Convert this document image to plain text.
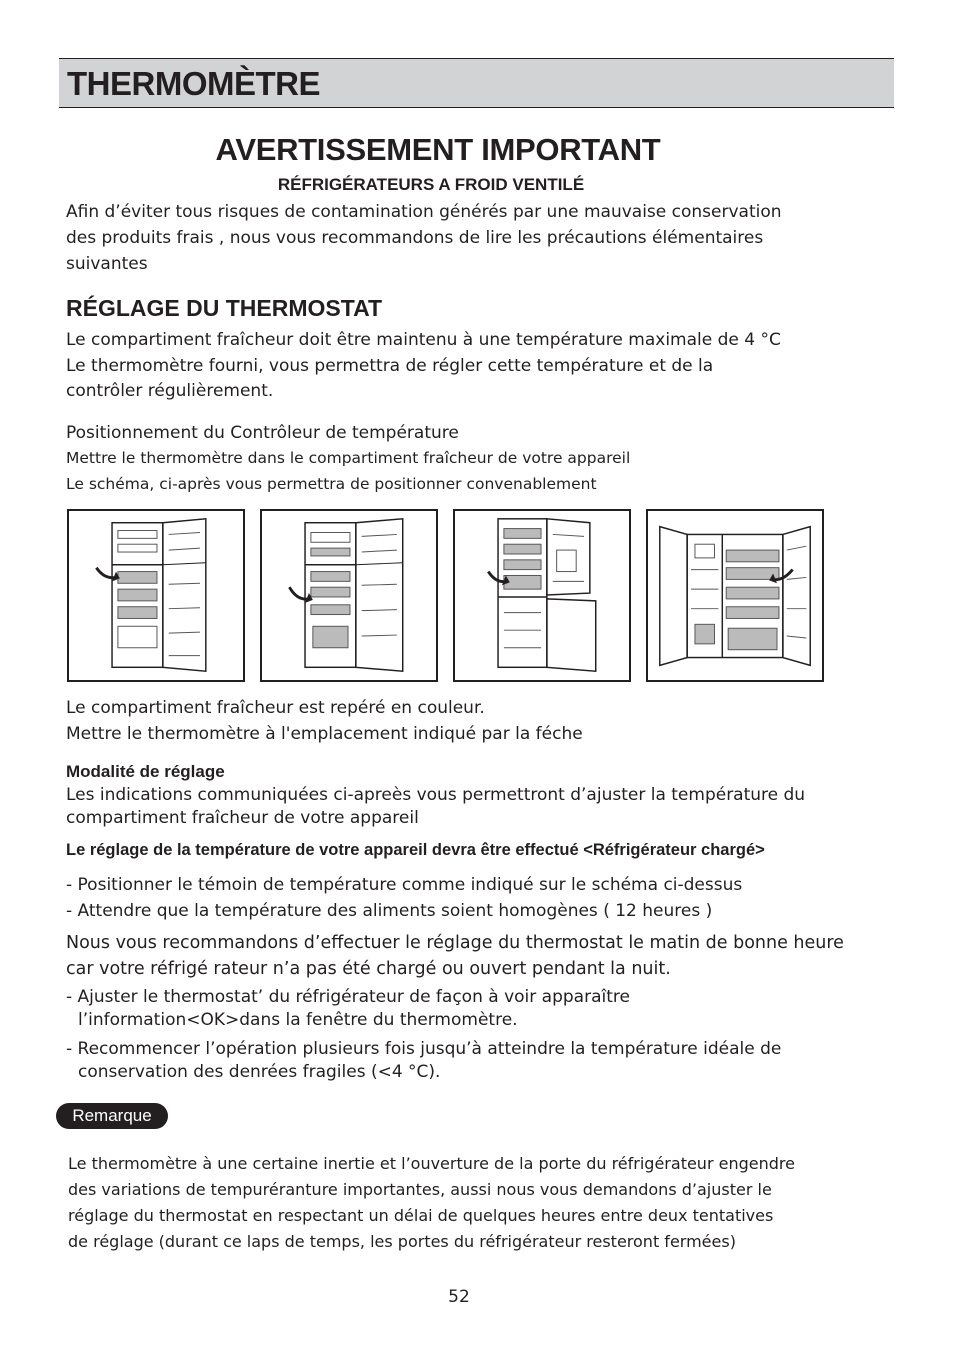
THERMOMÈTRE
AVERTISSEMENT IMPORTANT
RÉFRIGÉRATEURS A FROID VENTILÉ
Afin d’éviter tous risques de contamination générés par une mauvaise conservation
des produits frais , nous vous recommandons de lire les précautions élémentaires
suivantes
RÉGLAGE DU THERMOSTAT
Le compartiment fraîcheur doit être maintenu à une température maximale de 4 °C
Le thermomètre fourni, vous permettra de régler cette température et de la
contrôler régulièrement.
Positionnement du Contrôleur de température
Mettre le thermomètre dans le compartiment fraîcheur de votre appareil
Le schéma, ci-après vous permettra de positionner convenablement
Le compartiment fraîcheur est repéré en couleur.
Mettre le thermomètre à l'emplacement indiqué par la féche
Modalité de réglage
Les indications communiquées ci-apreès vous permettront d’ajuster la température du
compartiment fraîcheur de votre appareil
Le réglage de la température de votre appareil devra être effectué <Réfrigérateur chargé>
- Positionner le témoin de température comme indiqué sur le schéma ci-dessus
- Attendre que la température des aliments soient homogènes ( 12 heures )
Nous vous recommandons d’effectuer le réglage du thermostat le matin de bonne heure
car votre réfrigé rateur n’a pas été chargé ou ouvert pendant la nuit.
- Ajuster le thermostat’ du réfrigérateur de façon à voir apparaître
l’information<OK>dans la fenêtre du thermomètre.
- Recommencer l’opération plusieurs fois jusqu’à atteindre la température idéale de
conservation des denrées fragiles (<4 °C).
Remarque
Le thermomètre à une certaine inertie et l’ouverture de la porte du réfrigérateur engendre
des variations de tempuréranture importantes, aussi nous vous demandons d’ajuster le
réglage du thermostat en respectant un délai de quelques heures entre deux tentatives
de réglage (durant ce laps de temps, les portes du réfrigérateur resteront fermées)
52
